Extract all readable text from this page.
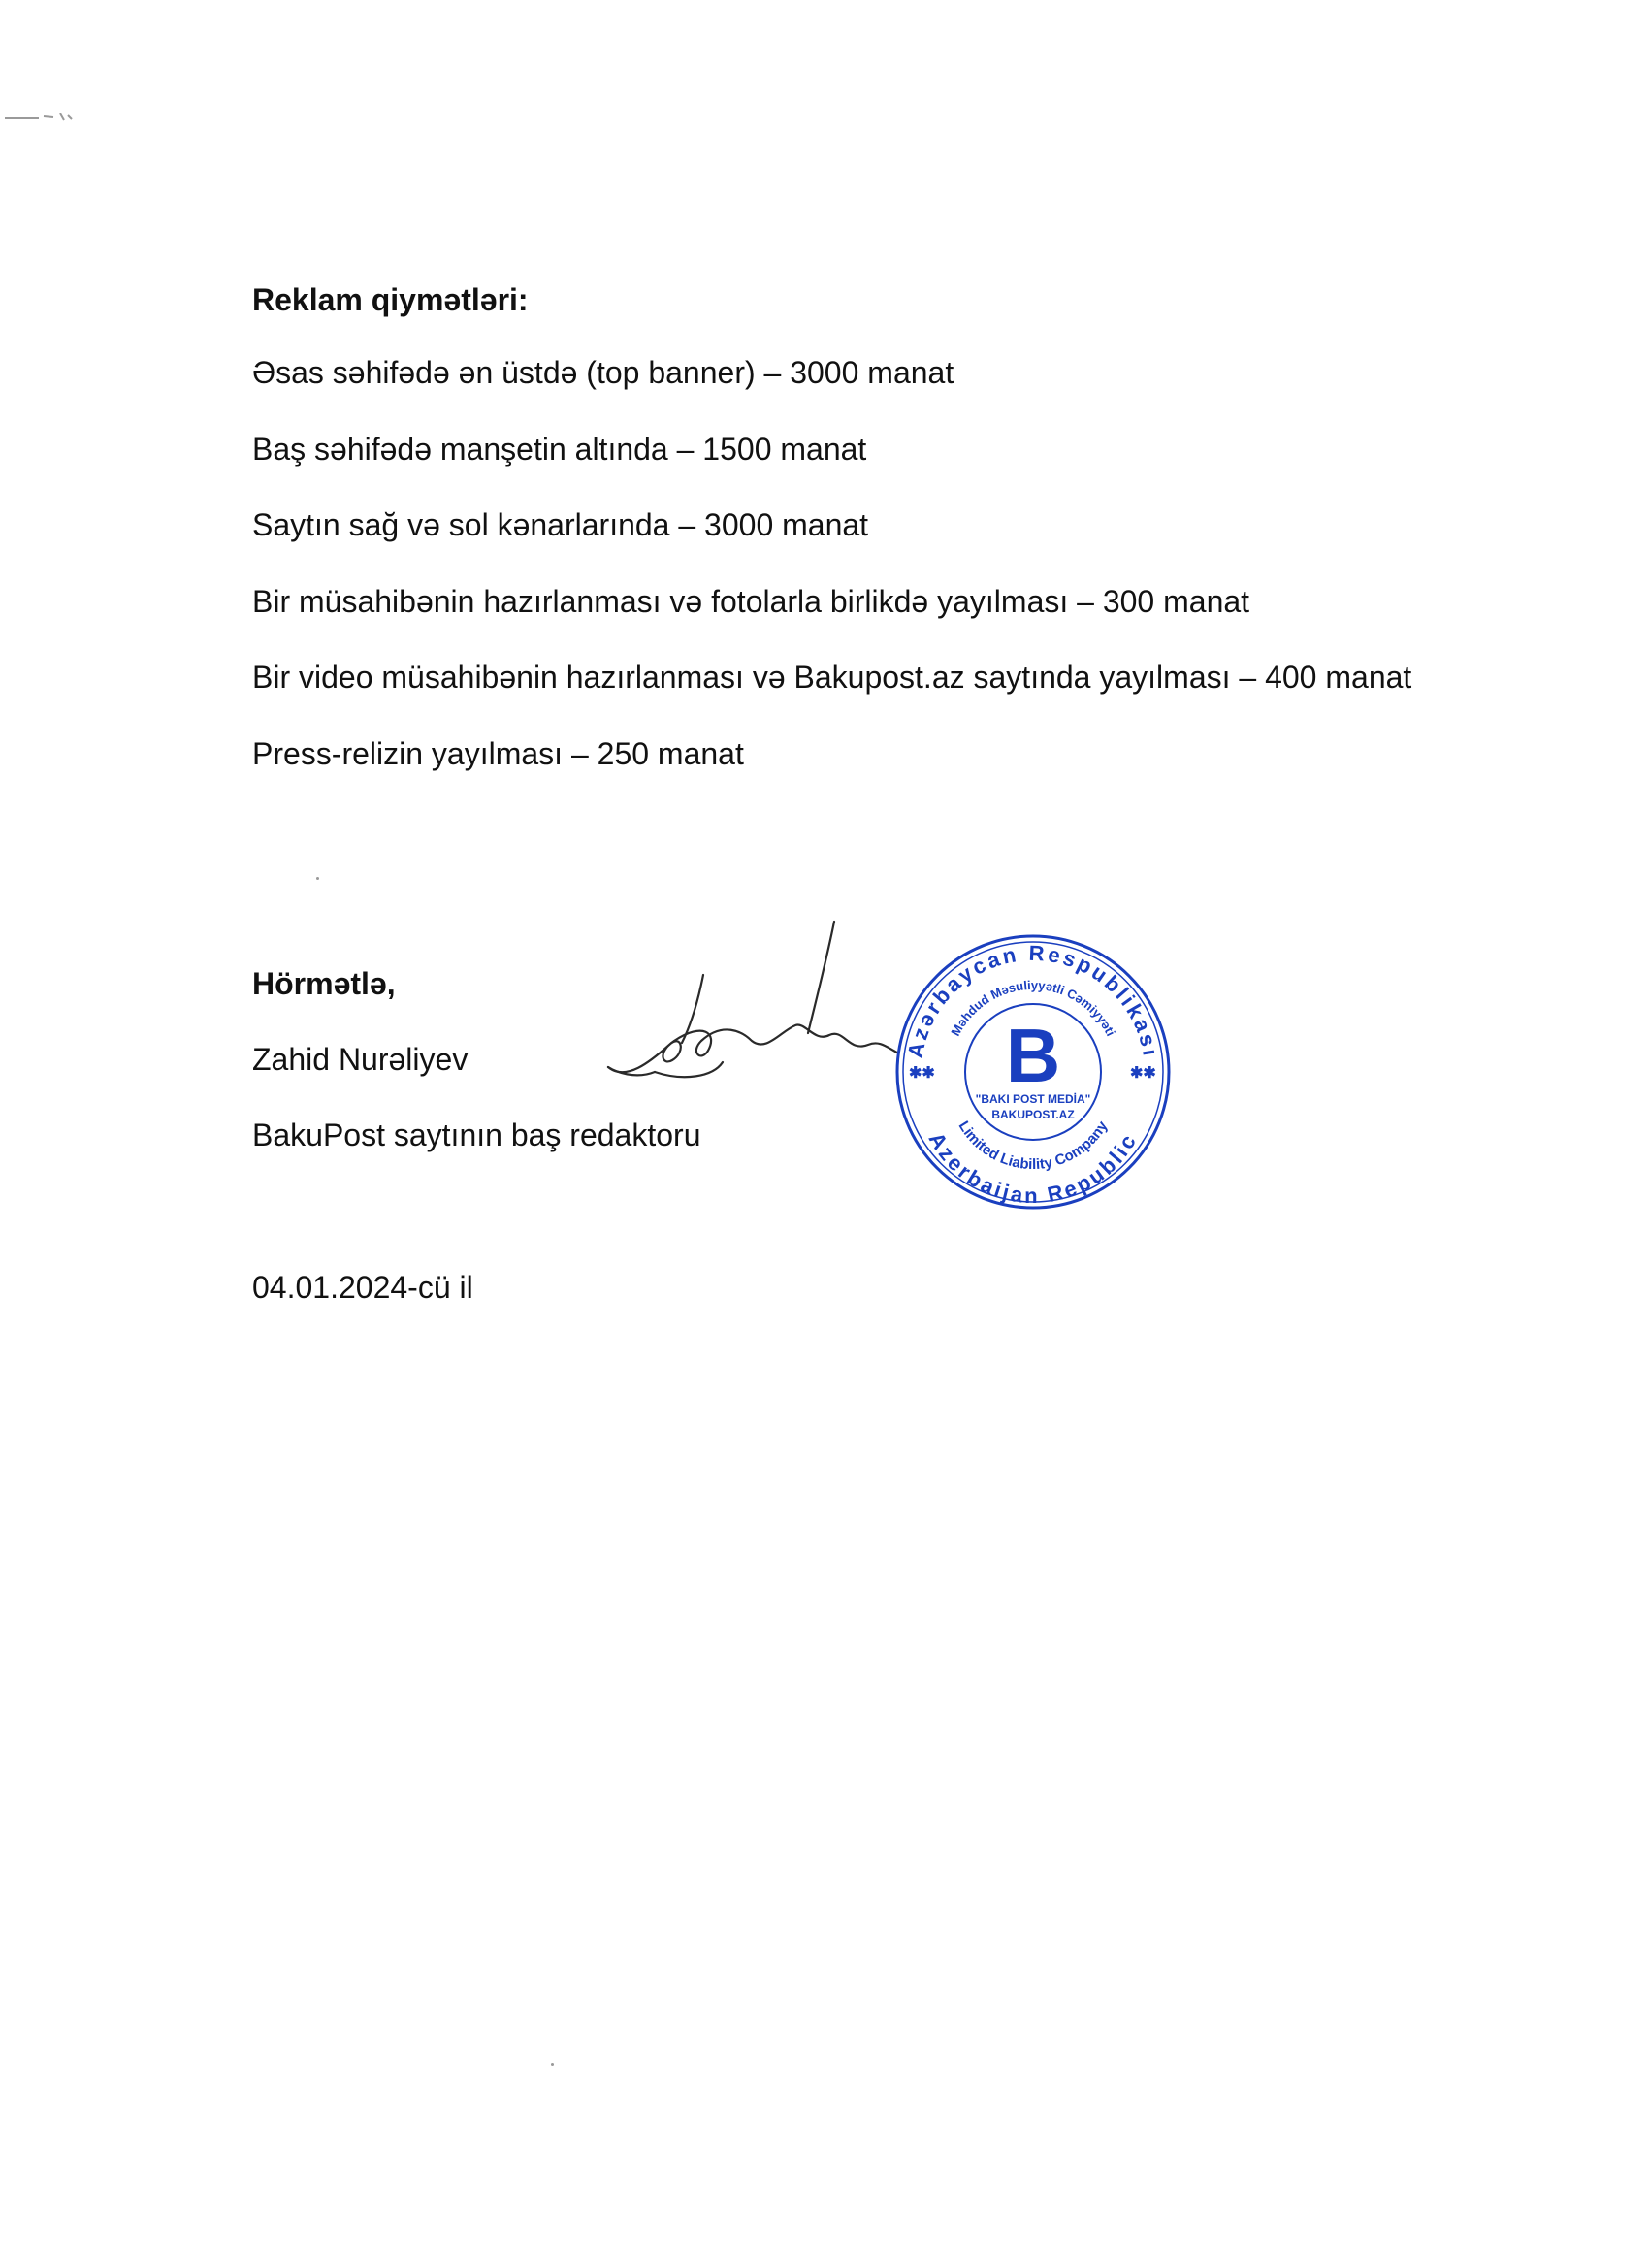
Reklam qiymətləri:
Əsas səhifədə ən üstdə (top banner) – 3000 manat
Baş səhifədə manşetin altında – 1500 manat
Saytın sağ və sol kənarlarında – 3000 manat
Bir müsahibənin hazırlanması və fotolarla birlikdə yayılması – 300 manat
Bir video müsahibənin hazırlanması və Bakupost.az saytında yayılması – 400 manat
Press-relizin yayılması – 250 manat
Hörmətlə,
Zahid Nurəliyev
BakuPost saytının baş redaktoru
04.01.2024-cü il
Azərbaycan Respublikası
Məhdud Məsuliyyətli Cəmiyyəti
Azerbaijan Republic
Limited Liability Company
B
"BAKI POST MEDİA"
BAKUPOST.AZ
✱✱	✱✱
